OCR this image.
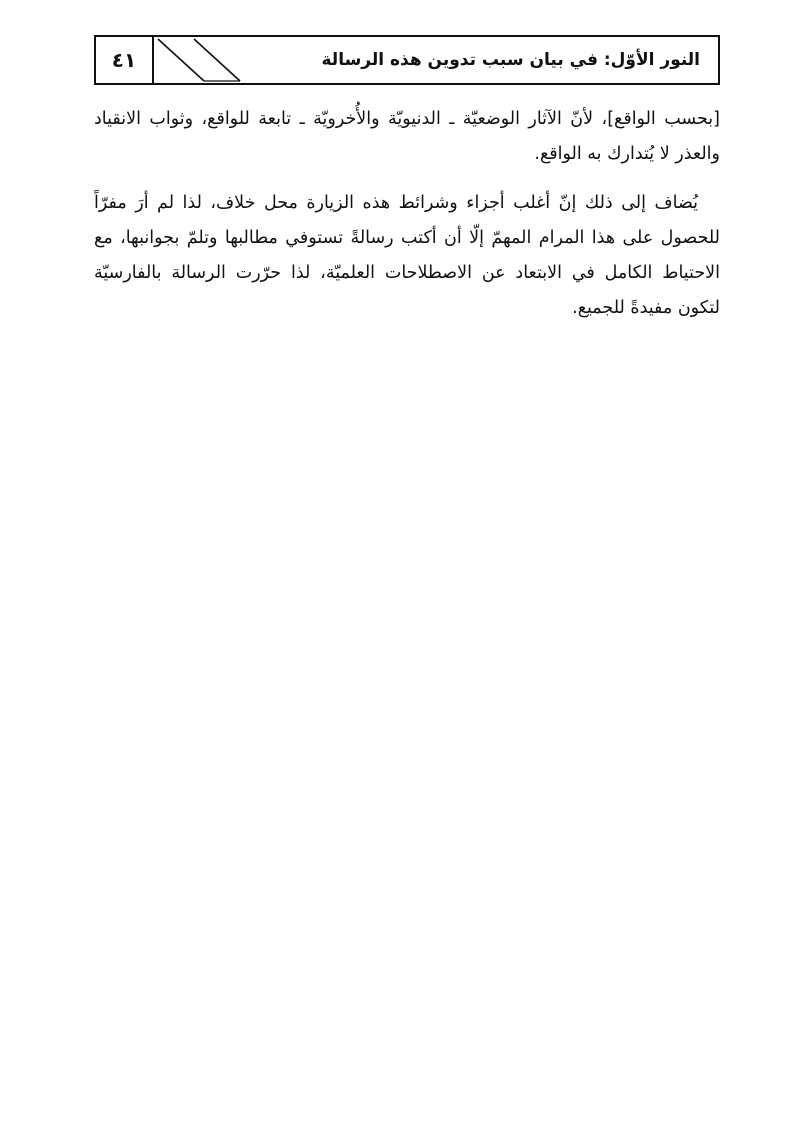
٤١	النور الأوّل: في بيان سبب تدوين هذه الرسالة

[بحسب الواقع]، لأنّ الآثار الوضعيّة ـ الدنيويّة والأُخرويّة ـ تابعة للواقع، وثواب الانقياد والعذر لا يُتدارك به الواقع.

يُضاف إلى ذلك إنّ أغلب أجزاء وشرائط هذه الزيارة محل خلاف، لذا لم أرَ مفرّاً للحصول على هذا المرام المهمّ إلّا أن أكتب رسالةً تستوفي مطالبها وتلمّ بجوانبها، مع الاحتياط الكامل في الابتعاد عن الاصطلاحات العلميّة، لذا حرّرت الرسالة بالفارسيّة لتكون مفيدةً للجميع.
